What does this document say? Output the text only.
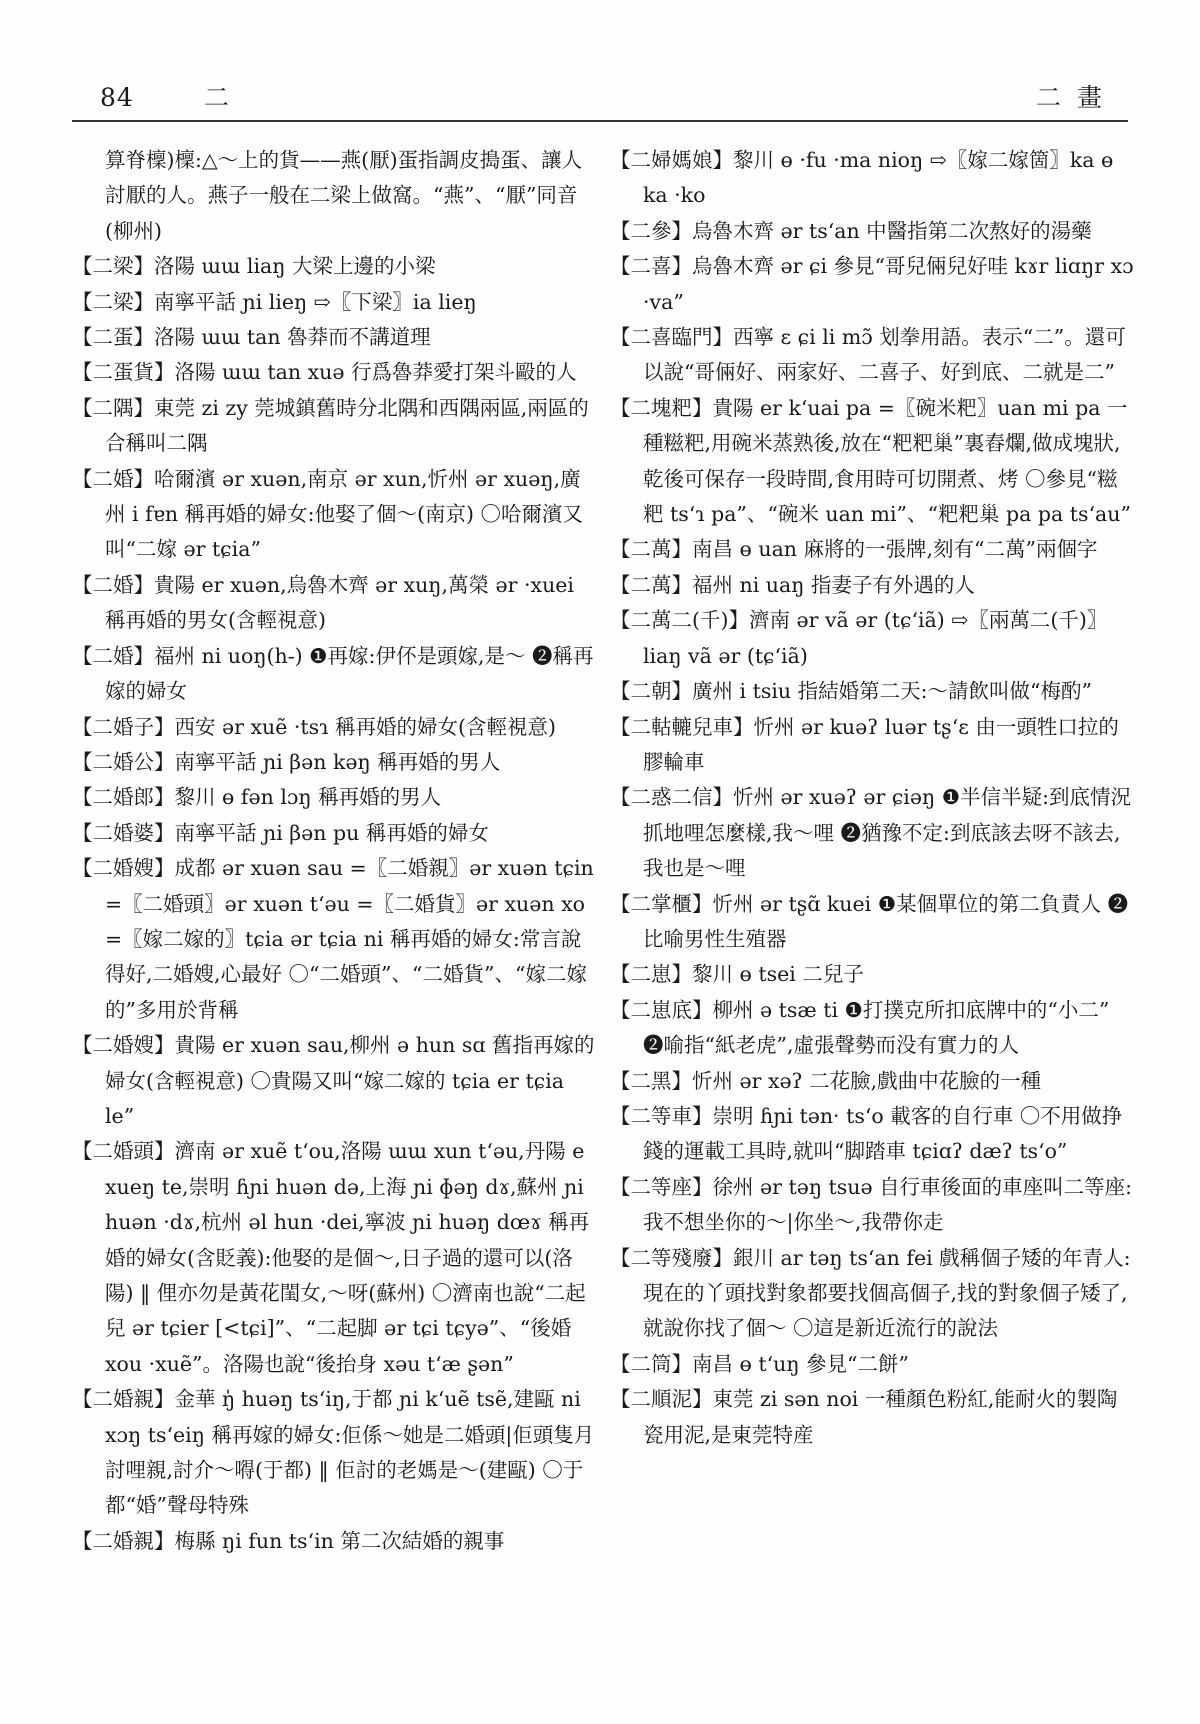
84	二	二畫

算脊檁)檁:△～上的貨——燕(厭)蛋指調皮搗蛋、讓人討厭的人。燕子一般在二梁上做窩。“燕”、“厭”同音(柳州)

【二梁】洛陽 ɯɯ liaŋ 大梁上邊的小梁

【二梁】南寧平話 ɲi lieŋ ⇨〖下梁〗ia lieŋ

【二蛋】洛陽 ɯɯ tan 魯莽而不講道理

【二蛋貨】洛陽 ɯɯ tan xuə 行爲魯莽愛打架斗毆的人

【二隅】東莞 zi zy 莞城鎮舊時分北隅和西隅兩區,兩區的合稱叫二隅

【二婚】哈爾濱 ər xuən,南京 ər xun,忻州 ər xuəŋ,廣州 i fɐn 稱再婚的婦女:他娶了個～(南京) 〇哈爾濱又叫“二嫁 ər tɕia”

【二婚】貴陽 er xuən,烏魯木齊 ər xuŋ,萬榮 ər ·xuei 稱再婚的男女(含輕視意)

【二婚】福州 ni uoŋ(h-) ❶再嫁:伊伓是頭嫁,是～ ❷稱再嫁的婦女

【二婚子】西安 ər xuẽ ·tsɿ 稱再婚的婦女(含輕視意)

【二婚公】南寧平話 ɲi βən kəŋ 稱再婚的男人

【二婚郎】黎川 ɵ fən lɔŋ 稱再婚的男人

【二婚婆】南寧平話 ɲi βən pu 稱再婚的婦女

【二婚嫂】成都 ər xuən sau =〖二婚親〗ər xuən tɕin =〖二婚頭〗ər xuən tʻəu =〖二婚貨〗ər xuən xo =〖嫁二嫁的〗tɕia ər tɕia ni 稱再婚的婦女:常言說得好,二婚嫂,心最好 〇“二婚頭”、“二婚貨”、“嫁二嫁的”多用於背稱

【二婚嫂】貴陽 er xuən sau,柳州 ə hun sɑ 舊指再嫁的婦女(含輕視意) 〇貴陽又叫“嫁二嫁的 tɕia er tɕia le”

【二婚頭】濟南 ər xuẽ tʻou,洛陽 ɯɯ xun tʻəu,丹陽 e xueŋ te,崇明 ɦɲi huən də,上海 ɲi ɸəŋ dɤ,蘇州 ɲi huən ·dɤ,杭州 əl hun ·dei,寧波 ɲi huəŋ dœɤ 稱再婚的婦女(含貶義):他娶的是個～,日子過的還可以(洛陽) ‖ 俚亦勿是黃花閨女,～呀(蘇州) 〇濟南也說“二起兒 ər tɕier [<tɕi]”、“二起脚 ər tɕi tɕyə”、“後婚 xou ·xuẽ”。洛陽也說“後抬身 xəu tʻæ ʂən”

【二婚親】金華 ŋ̍ huəŋ tsʻiŋ,于都 ɲi kʻuẽ tsẽ,建甌 ni xɔŋ tsʻeiŋ 稱再嫁的婦女:佢係～她是二婚頭|佢頭隻月討哩親,討介～嘚(于都) ‖ 佢討的老媽是～(建甌) 〇于都“婚”聲母特殊

【二婚親】梅縣 ŋi fun tsʻin 第二次結婚的親事

【二婦媽娘】黎川 ɵ ·fu ·ma nioŋ ⇨〖嫁二嫁箇〗ka ɵ ka ·ko

【二參】烏魯木齊 ər tsʻan 中醫指第二次熬好的湯藥

【二喜】烏魯木齊 ər ɕi 參見“哥兒倆兒好哇 kɤr liɑŋr xɔ ·va”

【二喜臨門】西寧 ɛ ɕi li mɔ̃ 划拳用語。表示“二”。還可以說“哥倆好、兩家好、二喜子、好到底、二就是二”

【二塊粑】貴陽 er kʻuai pa =〖碗米粑〗uan mi pa 一種糍粑,用碗米蒸熟後,放在“粑粑巢”裏舂爛,做成塊狀,乾後可保存一段時間,食用時可切開煮、烤 〇參見“糍粑 tsʻɿ pa”、“碗米 uan mi”、“粑粑巢 pa pa tsʻau”

【二萬】南昌 ɵ uan 麻將的一張牌,刻有“二萬”兩個字

【二萬】福州 ni uaŋ 指妻子有外遇的人

【二萬二(千)】濟南 ər vã ər (tɕʻiã) ⇨〖兩萬二(千)〗liaŋ vã ər (tɕʻiã)

【二朝】廣州 i tsiu 指結婚第二天:～請飲叫做“梅酌”

【二軲轆兒車】忻州 ər kuəʔ luər tʂʻɛ 由一頭牲口拉的膠輪車

【二惑二信】忻州 ər xuəʔ ər ɕiəŋ ❶半信半疑:到底情況抓地哩怎麼樣,我～哩 ❷猶豫不定:到底該去呀不該去,我也是～哩

【二掌櫃】忻州 ər tʂɑ̃ kuei ❶某個單位的第二負責人 ❷比喻男性生殖器

【二崽】黎川 ɵ tsei 二兒子

【二崽底】柳州 ə tsæ ti ❶打撲克所扣底牌中的“小二” ❷喻指“紙老虎”,虛張聲勢而没有實力的人

【二黑】忻州 ər xəʔ 二花臉,戲曲中花臉的一種

【二等車】崇明 ɦɲi tən· tsʻo 載客的自行車 〇不用做挣錢的運載工具時,就叫“脚踏車 tɕiɑʔ dæʔ tsʻo”

【二等座】徐州 ər təŋ tsuə 自行車後面的車座叫二等座:我不想坐你的～|你坐～,我帶你走

【二等殘廢】銀川 ar təŋ tsʻan fei 戲稱個子矮的年青人:現在的丫頭找對象都要找個高個子,找的對象個子矮了,就說你找了個～ 〇這是新近流行的說法

【二筒】南昌 ɵ tʻuŋ 參見“二餅”

【二順泥】東莞 zi sən noi 一種顏色粉紅,能耐火的製陶瓷用泥,是東莞特産
